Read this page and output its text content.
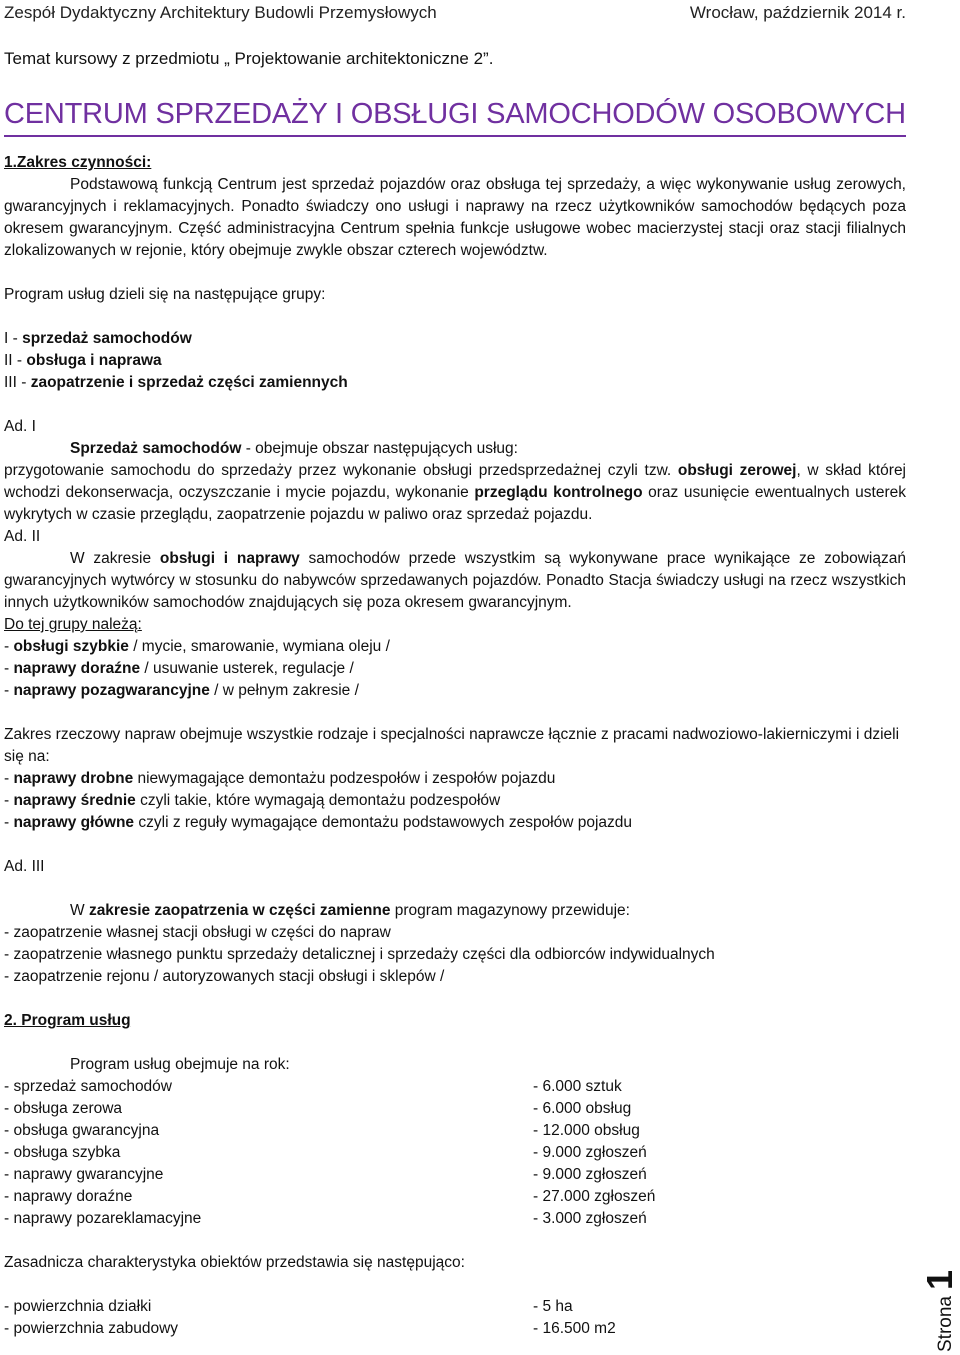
Zespół Dydaktyczny Architektury Budowli Przemysłowych	Wrocław, październik 2014 r.
Temat kursowy z przedmiotu „ Projektowanie architektoniczne 2”.
CENTRUM SPRZEDAŻY I OBSŁUGI SAMOCHODÓW OSOBOWYCH
1.Zakres czynności:
Podstawową funkcją Centrum jest sprzedaż pojazdów oraz obsługa tej sprzedaży, a więc wykonywanie usług zerowych, gwarancyjnych i reklamacyjnych. Ponadto świadczy ono usługi i naprawy na rzecz użytkowników samochodów będących poza okresem gwarancyjnym. Część administracyjna Centrum spełnia funkcje usługowe wobec macierzystej stacji oraz stacji filialnych zlokalizowanych w rejonie, który obejmuje zwykle obszar czterech województw.
Program usług dzieli się na następujące grupy:
I - sprzedaż samochodów
II - obsługa i naprawa
III - zaopatrzenie i sprzedaż części zamiennych
Ad. I
Sprzedaż samochodów - obejmuje obszar następujących usług:
przygotowanie samochodu do sprzedaży przez wykonanie obsługi przedsprzedażnej czyli tzw. obsługi zerowej, w skład której wchodzi dekonserwacja, oczyszczanie i mycie pojazdu, wykonanie przeglądu kontrolnego oraz usunięcie ewentualnych usterek wykrytych w czasie przeglądu, zaopatrzenie pojazdu w paliwo oraz sprzedaż pojazdu.
Ad. II
W zakresie obsługi i naprawy samochodów przede wszystkim są wykonywane prace wynikające ze zobowiązań gwarancyjnych wytwórcy w stosunku do nabywców sprzedawanych pojazdów. Ponadto Stacja świadczy usługi na rzecz wszystkich innych użytkowników samochodów znajdujących się poza okresem gwarancyjnym.
Do tej grupy należą:
- obsługi szybkie / mycie, smarowanie, wymiana oleju /
- naprawy doraźne / usuwanie usterek, regulacje /
- naprawy pozagwarancyjne / w pełnym zakresie /
Zakres rzeczowy napraw obejmuje wszystkie rodzaje i specjalności naprawcze łącznie z pracami nadwoziowo-lakierniczymi i dzieli się na:
- naprawy drobne niewymagające demontażu podzespołów i zespołów pojazdu
- naprawy średnie czyli takie, które wymagają demontażu podzespołów
- naprawy główne czyli z reguły wymagające demontażu podstawowych zespołów pojazdu
Ad. III
W zakresie zaopatrzenia w części zamienne program magazynowy przewiduje:
- zaopatrzenie własnej stacji obsługi w części do napraw
- zaopatrzenie własnego punktu sprzedaży detalicznej i sprzedaży części dla odbiorców indywidualnych
- zaopatrzenie rejonu / autoryzowanych stacji obsługi i sklepów /
2. Program usług
Program usług obejmuje na rok:
- sprzedaż samochodów	- 6.000 sztuk
- obsługa zerowa	- 6.000 obsług
- obsługa gwarancyjna	- 12.000 obsług
- obsługa szybka	- 9.000 zgłoszeń
- naprawy gwarancyjne	- 9.000 zgłoszeń
- naprawy doraźne	- 27.000 zgłoszeń
- naprawy pozareklamacyjne	- 3.000 zgłoszeń
Zasadnicza charakterystyka obiektów przedstawia się następująco:
- powierzchnia działki	- 5 ha
- powierzchnia zabudowy	- 16.500 m2	Strona
1
